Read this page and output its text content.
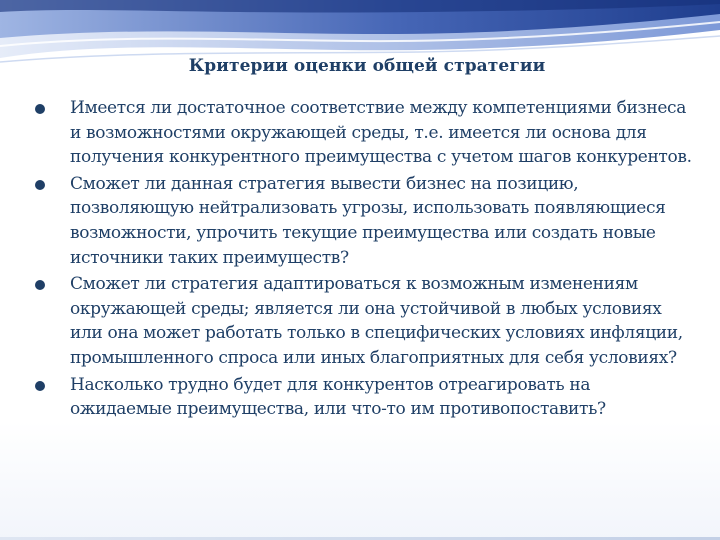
Критерии оценки общей стратегии
Имеется ли достаточное соответствие между компетенциями бизнеса и возможностями окружающей среды, т.е. имеется ли основа для получения конкурентного преимущества с учетом шагов конкурентов.
Сможет ли данная стратегия вывести бизнес на позицию, позволяющую нейтрализовать угрозы, использовать появляющиеся возможности, упрочить текущие преимущества или создать новые источники таких преимуществ?
Сможет ли стратегия адаптироваться к возможным изменениям окружающей среды; является ли она устойчивой в любых условиях или она может работать только в специфических условиях инфляции, промышленного спроса или иных благоприятных для себя условиях?
Насколько трудно будет для конкурентов отреагировать на ожидаемые преимущества, или что-то им противопоставить?
